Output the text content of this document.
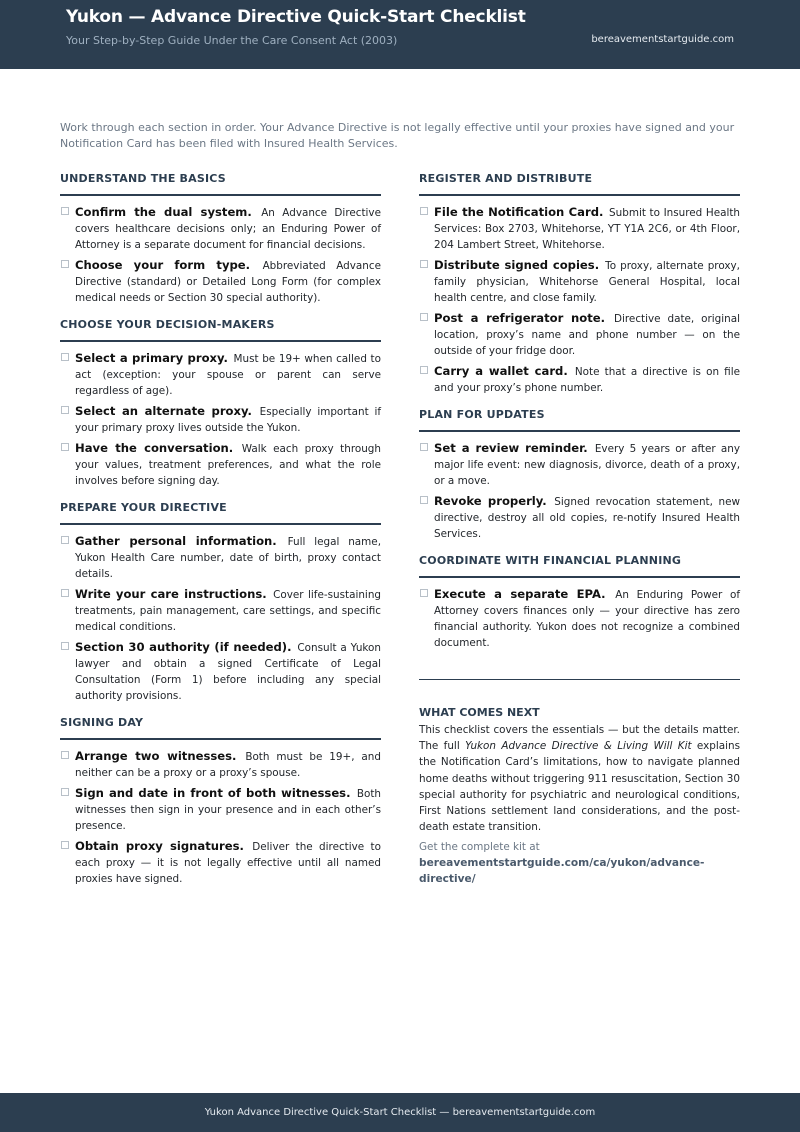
Yukon — Advance Directive Quick-Start Checklist
Your Step-by-Step Guide Under the Care Consent Act (2003)	bereavementstartguide.com
Work through each section in order. Your Advance Directive is not legally effective until your proxies have signed and your Notification Card has been filed with Insured Health Services.
UNDERSTAND THE BASICS
Confirm the dual system. An Advance Directive covers healthcare decisions only; an Enduring Power of Attorney is a separate document for financial decisions.
Choose your form type. Abbreviated Advance Directive (standard) or Detailed Long Form (for complex medical needs or Section 30 special authority).
CHOOSE YOUR DECISION-MAKERS
Select a primary proxy. Must be 19+ when called to act (exception: your spouse or parent can serve regardless of age).
Select an alternate proxy. Especially important if your primary proxy lives outside the Yukon.
Have the conversation. Walk each proxy through your values, treatment preferences, and what the role involves before signing day.
PREPARE YOUR DIRECTIVE
Gather personal information. Full legal name, Yukon Health Care number, date of birth, proxy contact details.
Write your care instructions. Cover life-sustaining treatments, pain management, care settings, and specific medical conditions.
Section 30 authority (if needed). Consult a Yukon lawyer and obtain a signed Certificate of Legal Consultation (Form 1) before including any special authority provisions.
SIGNING DAY
Arrange two witnesses. Both must be 19+, and neither can be a proxy or a proxy’s spouse.
Sign and date in front of both witnesses. Both witnesses then sign in your presence and in each other’s presence.
Obtain proxy signatures. Deliver the directive to each proxy — it is not legally effective until all named proxies have signed.
REGISTER AND DISTRIBUTE
File the Notification Card. Submit to Insured Health Services: Box 2703, Whitehorse, YT Y1A 2C6, or 4th Floor, 204 Lambert Street, Whitehorse.
Distribute signed copies. To proxy, alternate proxy, family physician, Whitehorse General Hospital, local health centre, and close family.
Post a refrigerator note. Directive date, original location, proxy’s name and phone number — on the outside of your fridge door.
Carry a wallet card. Note that a directive is on file and your proxy’s phone number.
PLAN FOR UPDATES
Set a review reminder. Every 5 years or after any major life event: new diagnosis, divorce, death of a proxy, or a move.
Revoke properly. Signed revocation statement, new directive, destroy all old copies, re-notify Insured Health Services.
COORDINATE WITH FINANCIAL PLANNING
Execute a separate EPA. An Enduring Power of Attorney covers finances only — your directive has zero financial authority. Yukon does not recognize a combined document.
WHAT COMES NEXT
This checklist covers the essentials — but the details matter. The full Yukon Advance Directive & Living Will Kit explains the Notification Card’s limitations, how to navigate planned home deaths without triggering 911 resuscitation, Section 30 special authority for psychiatric and neurological conditions, First Nations settlement land considerations, and the post-death estate transition.
Get the complete kit at
bereavementstartguide.com/ca/yukon/advance-directive/
Yukon Advance Directive Quick-Start Checklist — bereavementstartguide.com
